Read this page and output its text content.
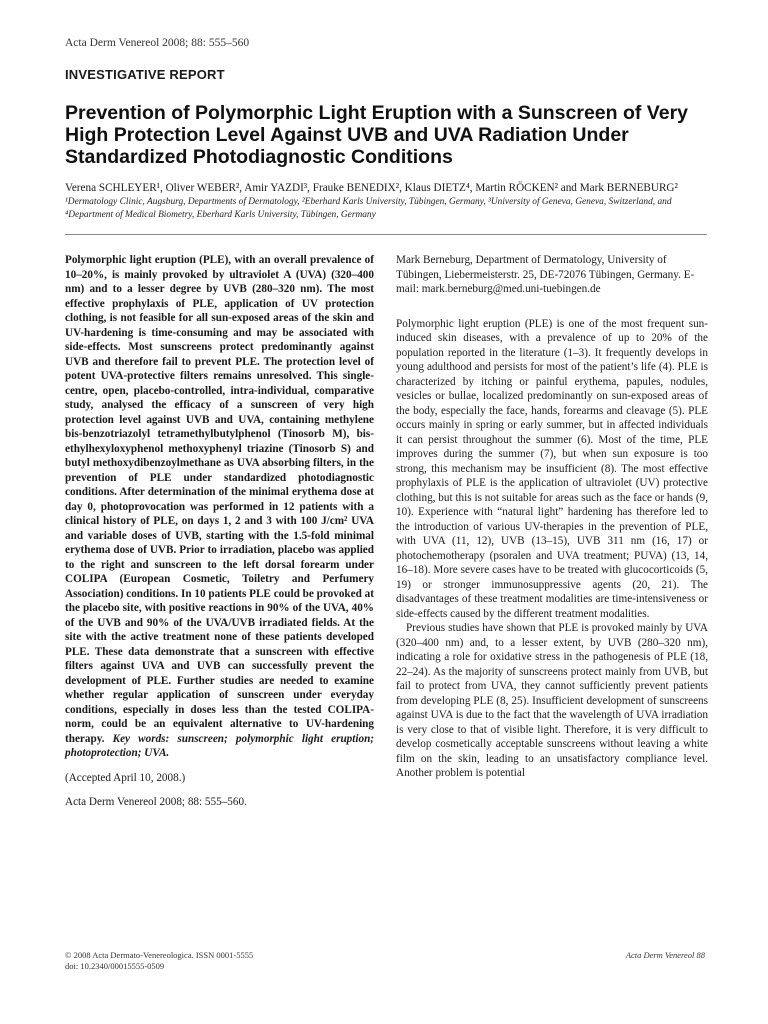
Acta Derm Venereol 2008; 88: 555–560
INVESTIGATIVE REPORT
Prevention of Polymorphic Light Eruption with a Sunscreen of Very High Protection Level Against UVB and UVA Radiation Under Standardized Photodiagnostic Conditions
Verena SCHLEYER¹, Oliver WEBER², Amir YAZDI³, Frauke BENEDIX², Klaus DIETZ⁴, Martin RÖCKEN² and Mark BERNEBURG²
¹Dermatology Clinic, Augsburg, Departments of Dermatology, ²Eberhard Karls University, Tübingen, Germany, ³University of Geneva, Geneva, Switzerland, and ⁴Department of Medical Biometry, Eberhard Karls University, Tübingen, Germany

Polymorphic light eruption (PLE), with an overall prevalence of 10–20%, is mainly provoked by ultraviolet A (UVA) (320–400 nm) and to a lesser degree by UVB (280–320 nm). The most effective prophylaxis of PLE, application of UV protection clothing, is not feasible for all sun-exposed areas of the skin and UV-hardening is time-consuming and may be associated with side-effects. Most sunscreens protect predominantly against UVB and therefore fail to prevent PLE. The protection level of potent UVA-protective filters remains unresolved. This single-centre, open, placebo-controlled, intra-individual, comparative study, analysed the efficacy of a sunscreen of very high protection level against UVB and UVA, containing methylene bis-benzotriazolyl tetramethylbutylphenol (Tinosorb M), bis-ethylhexyloxyphenol methoxyphenyl triazine (Tinosorb S) and butyl methoxydibenzoylmethane as UVA absorbing filters, in the prevention of PLE under standardized photodiagnostic conditions. After determination of the minimal erythema dose at day 0, photoprovocation was performed in 12 patients with a clinical history of PLE, on days 1, 2 and 3 with 100 J/cm² UVA and variable doses of UVB, starting with the 1.5-fold minimal erythema dose of UVB. Prior to irradiation, placebo was applied to the right and sunscreen to the left dorsal forearm under COLIPA (European Cosmetic, Toiletry and Perfumery Association) conditions. In 10 patients PLE could be provoked at the placebo site, with positive reactions in 90% of the UVA, 40% of the UVB and 90% of the UVA/UVB irradiated fields. At the site with the active treatment none of these patients developed PLE. These data demonstrate that a sunscreen with effective filters against UVA and UVB can successfully prevent the development of PLE. Further studies are needed to examine whether regular application of sunscreen under everyday conditions, especially in doses less than the tested COLIPA-norm, could be an equivalent alternative to UV-hardening therapy. Key words: sunscreen; polymorphic light eruption; photoprotection; UVA.

(Accepted April 10, 2008.)

Acta Derm Venereol 2008; 88: 555–560.

Mark Berneburg, Department of Dermatology, University of Tübingen, Liebermeisterstr. 25, DE-72076 Tübingen, Germany. E-mail: mark.berneburg@med.uni-tuebingen.de

Polymorphic light eruption (PLE) is one of the most frequent sun-induced skin diseases, with a prevalence of up to 20% of the population reported in the literature (1–3). It frequently develops in young adulthood and persists for most of the patient’s life (4). PLE is characterized by itching or painful erythema, papules, nodules, vesicles or bullae, localized predominantly on sun-exposed areas of the body, especially the face, hands, forearms and cleavage (5). PLE occurs mainly in spring or early summer, but in affected individuals it can persist throughout the summer (6). Most of the time, PLE improves during the summer (7), but when sun exposure is too strong, this mechanism may be insufficient (8). The most effective prophylaxis of PLE is the application of ultraviolet (UV) protective clothing, but this is not suitable for areas such as the face or hands (9, 10). Experience with “natural light” hardening has therefore led to the introduction of various UV-therapies in the prevention of PLE, with UVA (11, 12), UVB (13–15), UVB 311 nm (16, 17) or photochemotherapy (psoralen and UVA treatment; PUVA) (13, 14, 16–18). More severe cases have to be treated with glucocorticoids (5, 19) or stronger immunosuppressive agents (20, 21). The disadvantages of these treatment modalities are time-intensiveness or side-effects caused by the different treatment modalities.

Previous studies have shown that PLE is provoked mainly by UVA (320–400 nm) and, to a lesser extent, by UVB (280–320 nm), indicating a role for oxidative stress in the pathogenesis of PLE (18, 22–24). As the majority of sunscreens protect mainly from UVB, but fail to protect from UVA, they cannot sufficiently prevent patients from developing PLE (8, 25). Insufficient development of sunscreens against UVA is due to the fact that the wavelength of UVA irradiation is very close to that of visible light. Therefore, it is very difficult to develop cosmetically acceptable sunscreens without leaving a white film on the skin, leading to an unsatisfactory compliance level. Another problem is potential

© 2008 Acta Dermato-Venereologica. ISSN 0001-5555
doi: 10.2340/00015555-0509
Acta Derm Venereol 88
